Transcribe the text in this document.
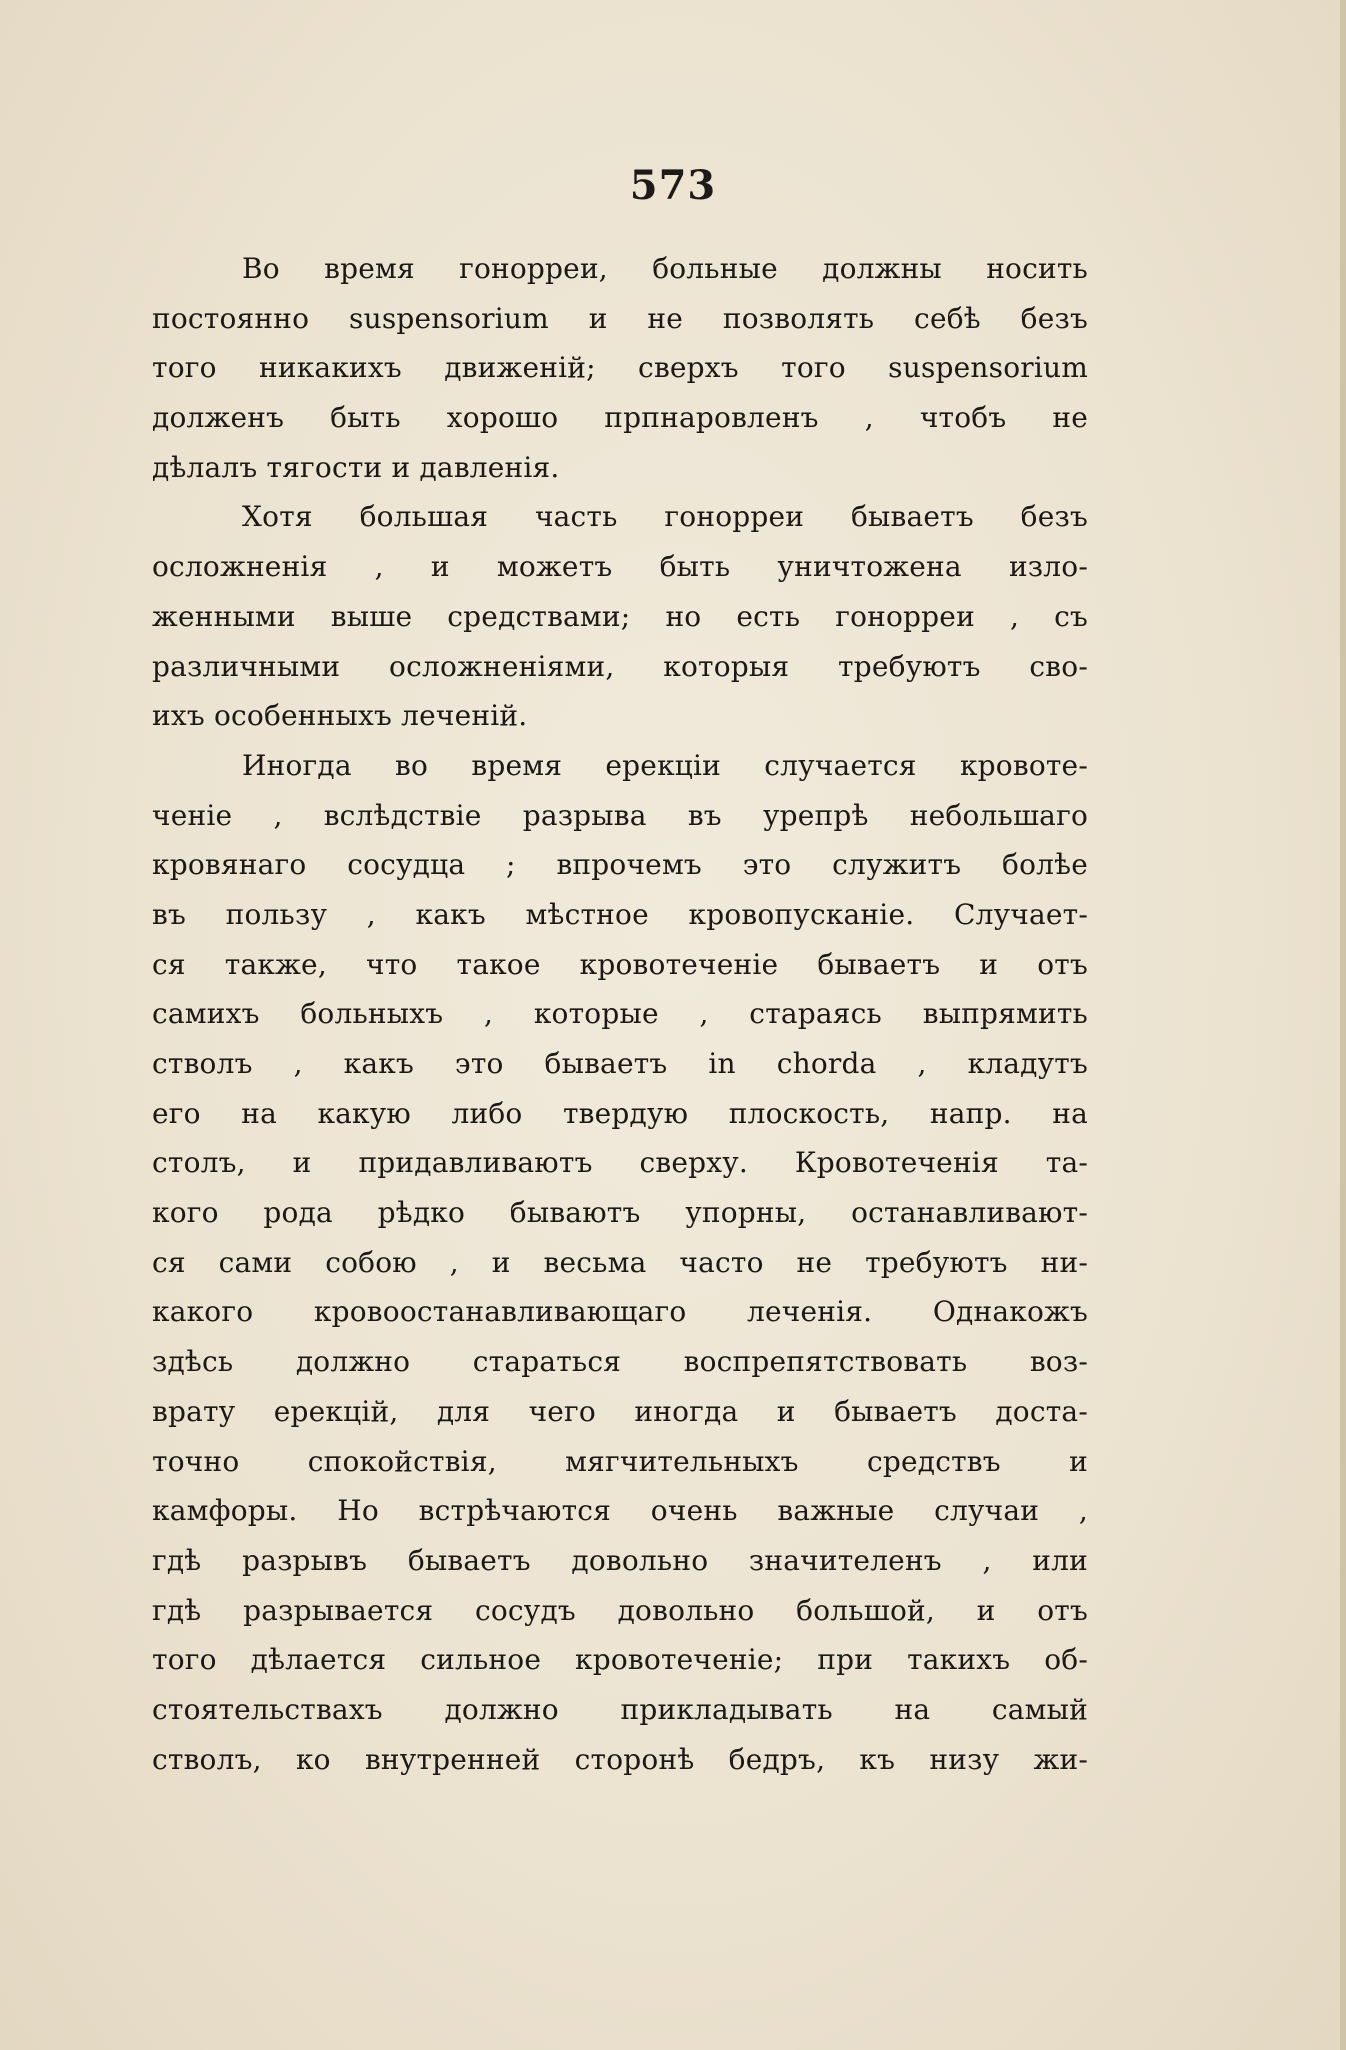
573
Во время гонорреи, больные должны носить
постоянно suspensorium и не позволять себѣ безъ
того никакихъ движеній; сверхъ того suspensorium
долженъ быть хорошо прпнаровлeнъ , чтобъ не
дѣлалъ тягости и давленія.
Хотя большая часть гонорреи бываетъ безъ
осложненія , и можетъ быть уничтожена изло-
женными выше средствами; но есть гонорреи , съ
различными осложненіями, которыя требуютъ сво-
ихъ особенныхъ леченій.
Иногда во время ерекціи случается кровоте-
ченіе , вслѣдствіе разрыва въ урепрѣ небольшаго
кровянаго сосудца ; впрочемъ это служитъ болѣе
въ пользу , какъ мѣстное кровопусканіе. Случает-
ся также, что такое кровотеченіе бываетъ и отъ
самихъ больныхъ , которые , стараясь выпрямить
стволъ , какъ это бываетъ in chorda , кладутъ
его на какую либо твердую плоскость, напр. на
столъ, и придавливаютъ сверху. Кровотеченія та-
кого рода рѣдко бываютъ упорны, останавливают-
ся сами собою , и весьма часто не требуютъ ни-
какого кровоостанавливающаго леченія. Однакожъ
здѣсь должно стараться воспрепятствовать воз-
врату ерекцій, для чего иногда и бываетъ доста-
точно спокойствія, мягчительныхъ средствъ и
камфоры. Но встрѣчаются очень важные случаи ,
гдѣ разрывъ бываетъ довольно значителенъ , или
гдѣ разрывается сосудъ довольно большой, и отъ
того дѣлается сильное кровотеченіе; при такихъ об-
стоятельствахъ должно прикладывать на самый
стволъ, ко внутренней сторонѣ бедръ, къ низу жи-
